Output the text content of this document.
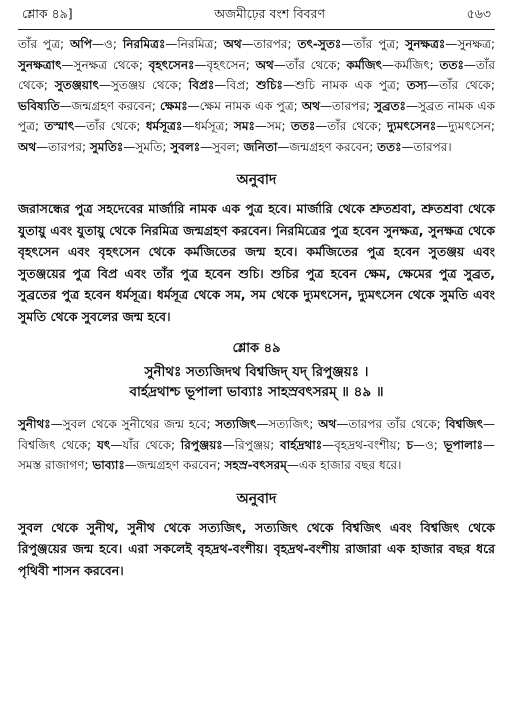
শ্লোক ৪৯]	অজমীঢ়ের বংশ বিবরণ	৫৬৩

তাঁর পুত্র; অপি—ও; নিরমিত্রঃ—নিরমিত্র; অথ—তারপর; তৎ-সুতঃ—তাঁর পুত্র; সুনক্ষত্রঃ—সুনক্ষত্র; সুনক্ষত্রাৎ—সুনক্ষত্র থেকে; বৃহৎসেনঃ—বৃহৎসেন; অথ—তাঁর থেকে; কর্মজিৎ—কর্মজিৎ; ততঃ—তাঁর থেকে; সুতঞ্জয়াৎ—সুতঞ্জয় থেকে; বিপ্রঃ—বিপ্র; শুচিঃ—শুচি নামক এক পুত্র; তস্য—তাঁর থেকে; ভবিষ্যতি—জন্মগ্রহণ করবেন; ক্ষেমঃ—ক্ষেম নামক এক পুত্র; অথ—তারপর; সুব্রতঃ—সুব্রত নামক এক পুত্র; তস্মাৎ—তাঁর থেকে; ধর্মসূত্রঃ—ধর্মসূত্র; সমঃ—সম; ততঃ—তাঁর থেকে; দ্যুমৎসেনঃ—দ্যুমৎসেন; অথ—তারপর; সুমতিঃ—সুমতি; সুবলঃ—সুবল; জনিতা—জন্মগ্রহণ করবেন; ততঃ—তারপর।

অনুবাদ

জরাসন্ধের পুত্র সহদেবের মার্জারি নামক এক পুত্র হবে। মার্জারি থেকে শ্রুতশ্রবা, শ্রুতশ্রবা থেকে যুতায়ু এবং যুতায়ু থেকে নিরমিত্র জন্মগ্রহণ করবেন। নিরমিত্রের পুত্র হবেন সুনক্ষত্র, সুনক্ষত্র থেকে বৃহৎসেন এবং বৃহৎসেন থেকে কর্মজিতের জন্ম হবে। কর্মজিতের পুত্র হবেন সুতঞ্জয় এবং সুতঞ্জয়ের পুত্র বিপ্র এবং তাঁর পুত্র হবেন শুচি। শুচির পুত্র হবেন ক্ষেম, ক্ষেমের পুত্র সুব্রত, সুব্রতের পুত্র হবেন ধর্মসূত্র। ধর্মসূত্র থেকে সম, সম থেকে দ্যুমৎসেন, দ্যুমৎসেন থেকে সুমতি এবং সুমতি থেকে সুবলের জন্ম হবে।

শ্লোক ৪৯

সুনীথঃ সত্যজিদথ বিশ্বজিদ্ যদ্ রিপুঞ্জয়ঃ ।

বার্হদ্রথাশ্চ ভূপালা ভাব্যাঃ সাহস্রবৎসরম্ ॥ ৪৯ ॥

সুনীথঃ—সুবল থেকে সুনীথের জন্ম হবে; সত্যজিৎ—সত্যজিৎ; অথ—তারপর তাঁর থেকে; বিশ্বজিৎ—বিশ্বজিৎ থেকে; যৎ—যাঁর থেকে; রিপুঞ্জয়ঃ—রিপুঞ্জয়; বার্হদ্রথাঃ—বৃহদ্রথ-বংশীয়; চ—ও; ভূপালাঃ—সমস্ত রাজাগণ; ভাব্যাঃ—জন্মগ্রহণ করবেন; সহস্র-বৎসরম্—এক হাজার বছর ধরে।

অনুবাদ

সুবল থেকে সুনীথ, সুনীথ থেকে সত্যজিৎ, সত্যজিৎ থেকে বিশ্বজিৎ এবং বিশ্বজিৎ থেকে রিপুঞ্জয়ের জন্ম হবে। এরা সকলেই বৃহদ্রথ-বংশীয়। বৃহদ্রথ-বংশীয় রাজারা এক হাজার বছর ধরে পৃথিবী শাসন করবেন।
